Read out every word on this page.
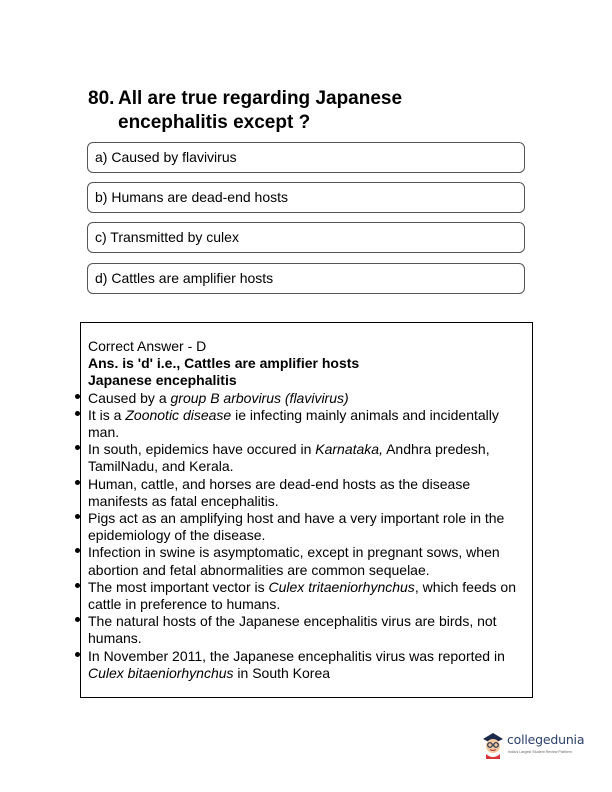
80. All are true regarding Japanese
encephalitis except ?
a) Caused by flavivirus
b) Humans are dead-end hosts
c) Transmitted by culex
d) Cattles are amplifier hosts
Correct Answer - D
Ans. is 'd' i.e., Cattles are amplifier hosts
Japanese encephalitis
Caused by a group B arbovirus (flavivirus)
It is a Zoonotic disease ie infecting mainly animals and incidentally man.
In south, epidemics have occured in Karnataka, Andhra predesh, TamilNadu, and Kerala.
Human, cattle, and horses are dead-end hosts as the disease manifests as fatal encephalitis.
Pigs act as an amplifying host and have a very important role in the epidemiology of the disease.
Infection in swine is asymptomatic, except in pregnant sows, when abortion and fetal abnormalities are common sequelae.
The most important vector is Culex tritaeniorhynchus, which feeds on cattle in preference to humans.
The natural hosts of the Japanese encephalitis virus are birds, not humans.
In November 2011, the Japanese encephalitis virus was reported in Culex bitaeniorhynchus in South Korea
collegedunia
India's Largest Student Review Platform
